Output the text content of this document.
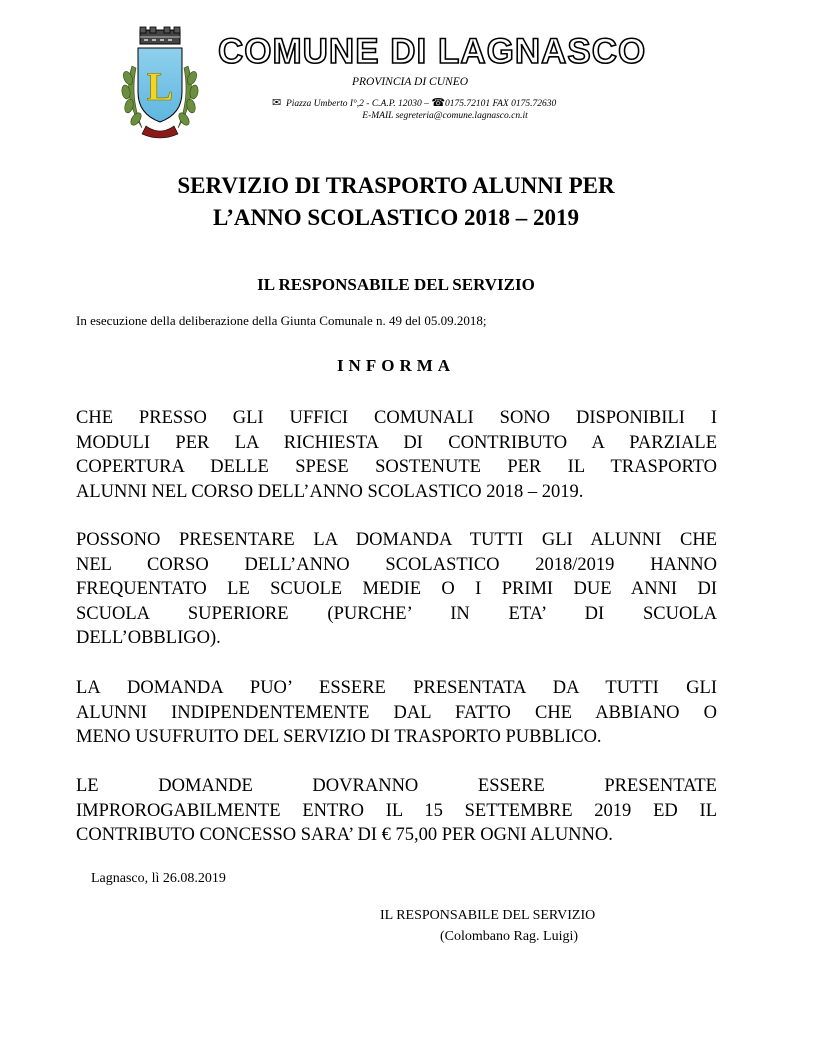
L
COMUNE DI LAGNASCO
PROVINCIA DI CUNEO
✉ Piazza Umberto I°,2 - C.A.P. 12030 – ☎0175.72101 FAX 0175.72630
E-MAIL segreteria@comune.lagnasco.cn.it
SERVIZIO DI TRASPORTO ALUNNI PER
L’ANNO SCOLASTICO 2018 – 2019
IL RESPONSABILE DEL SERVIZIO
In esecuzione della deliberazione della Giunta Comunale n. 49 del 05.09.2018;
INFORMA
CHE PRESSO GLI UFFICI COMUNALI SONO DISPONIBILI I
MODULI PER LA RICHIESTA DI CONTRIBUTO A PARZIALE
COPERTURA DELLE SPESE SOSTENUTE PER IL TRASPORTO
ALUNNI NEL CORSO DELL’ANNO SCOLASTICO 2018 – 2019.
POSSONO PRESENTARE LA DOMANDA TUTTI GLI ALUNNI CHE
NEL CORSO DELL’ANNO SCOLASTICO 2018/2019 HANNO
FREQUENTATO LE SCUOLE MEDIE O I PRIMI DUE ANNI DI
SCUOLA SUPERIORE (PURCHE’ IN ETA’ DI SCUOLA
DELL’OBBLIGO).
LA DOMANDA PUO’ ESSERE PRESENTATA DA TUTTI GLI
ALUNNI INDIPENDENTEMENTE DAL FATTO CHE ABBIANO O
MENO USUFRUITO DEL SERVIZIO DI TRASPORTO PUBBLICO.
LE DOMANDE DOVRANNO ESSERE PRESENTATE
IMPROROGABILMENTE ENTRO IL 15 SETTEMBRE 2019 ED IL
CONTRIBUTO CONCESSO SARA’ DI € 75,00 PER OGNI ALUNNO.
Lagnasco, lì 26.08.2019
IL RESPONSABILE DEL SERVIZIO
(Colombano Rag. Luigi)
